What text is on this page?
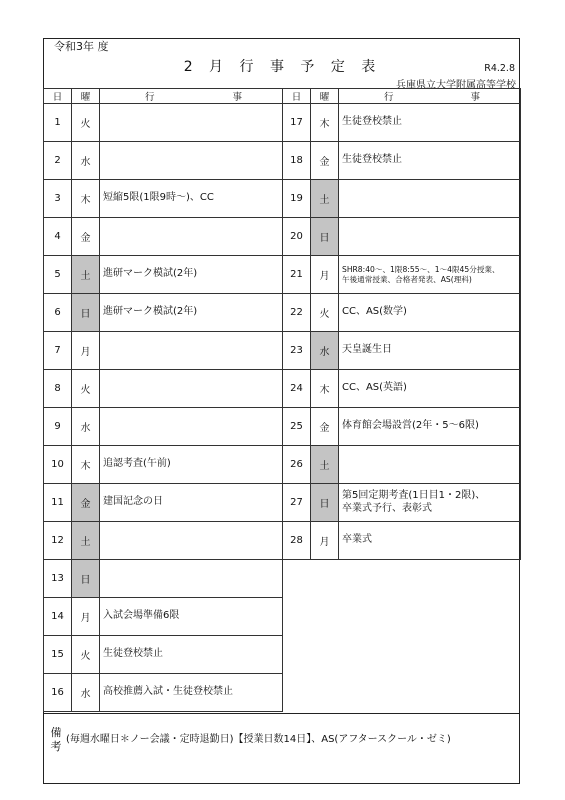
令和3年 度
2 月 行 事 予 定 表	R4.2.8
兵庫県立大学附属高等学校
日	曜	行 事	日	曜	行 事

1	火		17	木	生徒登校禁止
2	水		18	金	生徒登校禁止
3	木	短縮5限(1限9時～)、CC	19	土	
4	金		20	日	
5	土	進研マーク模試(2年)	21	月	SHR8:40～、1限8:55～、1～4限45分授業、
午後通常授業、合格者発表、AS(理科)

6	日	進研マーク模試(2年)	22	火	CC、AS(数学)
7	月		23	水	天皇誕生日
8	火		24	木	CC、AS(英語)
9	水		25	金	体育館会場設営(2年・5～6限)
10	木	追認考査(午前)	26	土	
11	金	建国記念の日	27	日	第5回定期考査(1日目1・2限)、
卒業式予行、表彰式

12	土		28	月	卒業式
13	日				
14	月	入試会場準備6限			
15	火	生徒登校禁止			
16	水	高校推薦入試・生徒登校禁止			
備考
(毎週水曜日＊ノー会議・定時退勤日)【授業日数14日】、AS(アフタースクール・ゼミ)
